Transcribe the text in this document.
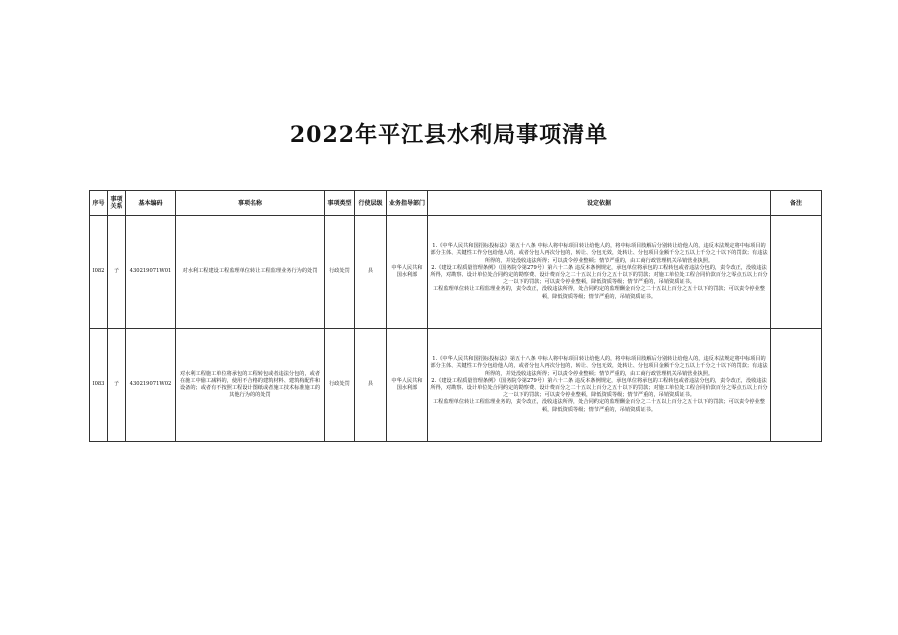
2022年平江县水利局事项清单
序号	事项关系	基本编码	事项名称	事项类型	行使层级	业务指导部门	设定依据	备注
I082	子	430219071W01	对水利工程建设工程监理单位转让工程监理业务行为的处罚	行政处罚	县	中华人民共和国水利部	1.《中华人民共和国招标投标法》第五十八条 中标人将中标项目转让给他人的，将中标项目肢解后分别转让给他人的，违反本法规定将中标项目的部分主体、关键性工作分包给他人的，或者分包人再次分包的，转让、分包无效，处转让、分包项目金额千分之五以上千分之十以下的罚款；有违法所得的，并处没收违法所得；可以责令停业整顿；情节严重的，由工商行政管理机关吊销营业执照。

2.《建设工程质量管理条例》（国务院令第279号）第六十二条 违反本条例规定，承包单位将承包的工程转包或者违法分包的，责令改正，没收违法所得，对勘察、设计单位处合同约定的勘察费、设计费百分之二十五以上百分之五十以下的罚款；对施工单位处工程合同价款百分之零点五以上百分之一以下的罚款；可以责令停业整顿，降低资质等级；情节严重的，吊销资质证书。

工程监理单位转让工程监理业务的，责令改正，没收违法所得，处合同约定的监理酬金百分之二十五以上百分之五十以下的罚款；可以责令停业整顿，降低资质等级；情节严重的，吊销资质证书。	

I083	子	430219071W02	对水利工程施工单位将承包的工程转包或者违法分包的，或者在施工中偷工减料的，使用不合格的建筑材料、建筑构配件和设备的；或者有不按照工程设计图纸或者施工技术标准施工的其他行为的的处罚	行政处罚	县	中华人民共和国水利部	1.《中华人民共和国招标投标法》第五十八条 中标人将中标项目转让给他人的，将中标项目肢解后分别转让给他人的，违反本法规定将中标项目的部分主体、关键性工作分包给他人的，或者分包人再次分包的，转让、分包无效，处转让、分包项目金额千分之五以上千分之十以下的罚款；有违法所得的，并处没收违法所得；可以责令停业整顿；情节严重的，由工商行政管理机关吊销营业执照。

2.《建设工程质量管理条例》（国务院令第279号）第六十二条 违反本条例规定，承包单位将承包的工程转包或者违法分包的，责令改正，没收违法所得，对勘察、设计单位处合同约定的勘察费、设计费百分之二十五以上百分之五十以下的罚款；对施工单位处工程合同价款百分之零点五以上百分之一以下的罚款；可以责令停业整顿，降低资质等级；情节严重的，吊销资质证书。

工程监理单位转让工程监理业务的，责令改正，没收违法所得，处合同约定的监理酬金百分之二十五以上百分之五十以下的罚款；可以责令停业整顿，降低资质等级；情节严重的，吊销资质证书。	
